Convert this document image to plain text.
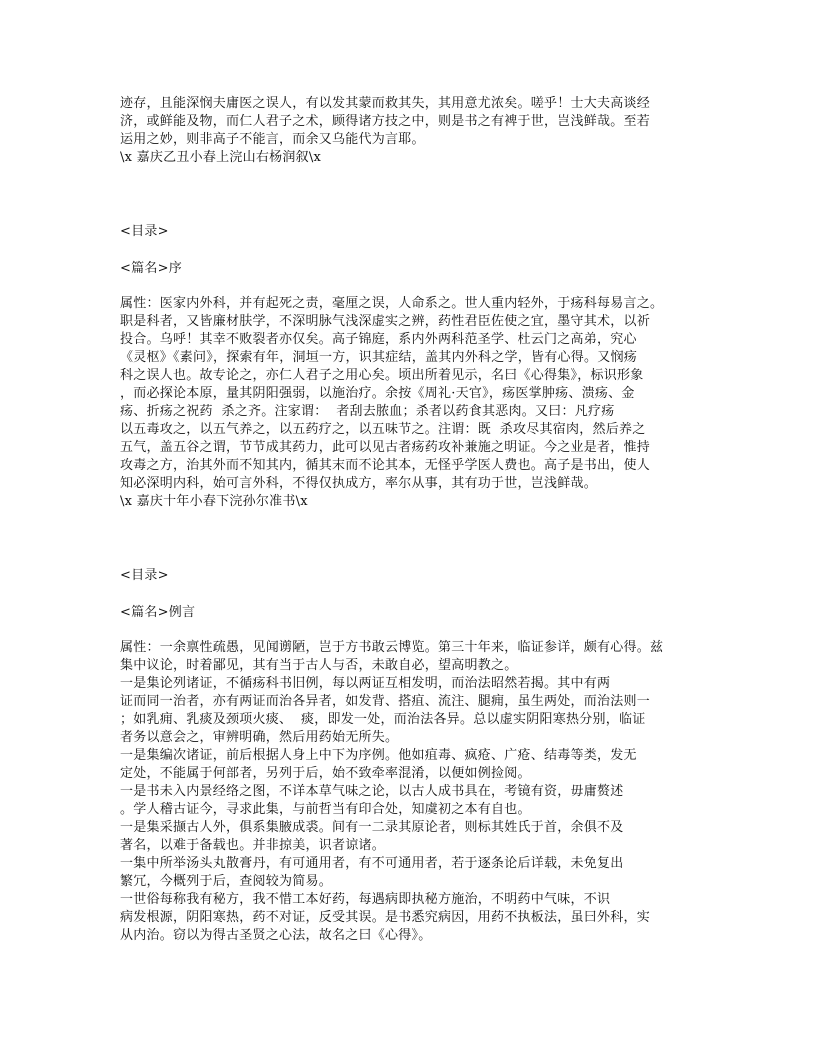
迹存，且能深悯夫庸医之误人，有以发其蒙而救其失，其用意尤浓矣。嗟乎！士大夫高谈经
济，或鲜能及物，而仁人君子之术，顾得诸方技之中，则是书之有裨于世，岂浅鲜哉。至若
运用之妙，则非高子不能言，而余又乌能代为言耶。
\x 嘉庆乙丑小春上浣山右杨润叙\x
<目录>
<篇名>序
属性：医家内外科，并有起死之责，毫厘之误，人命系之。世人重内轻外，于疡科每易言之。
职是科者，又皆廉材肤学，不深明脉气浅深虚实之辨，药性君臣佐使之宜，墨守其术，以祈
投合。乌呼！其幸不败裂者亦仅矣。高子锦庭，系内外两科范圣学、杜云门之高弟，究心
《灵枢》《素问》，探索有年，洞垣一方，识其症结，盖其内外科之学，皆有心得。又悯疡
科之误人也。故专论之，亦仁人君子之用心矣。顷出所着见示，名曰《心得集》，标识形象
，而必探论本原，量其阴阳强弱，以施治疗。余按《周礼·天官》，疡医掌肿疡、溃疡、金
疡、折疡之祝药  杀之齐。注家谓：  者刮去脓血；杀者以药食其恶肉。又曰：凡疗疡
以五毒攻之，以五气养之，以五药疗之，以五味节之。注谓：既  杀攻尽其宿肉，然后养之
五气，盖五谷之谓，节节成其药力，此可以见古者疡药攻补兼施之明证。今之业是者，惟持
攻毒之方，治其外而不知其内，循其末而不论其本，无怪乎学医人费也。高子是书出，使人
知必深明内科，始可言外科，不得仅执成方，率尔从事，其有功于世，岂浅鲜哉。
\x 嘉庆十年小春下浣孙尔准书\x
<目录>
<篇名>例言
属性：一余禀性疏愚，见闻谫陋，岂于方书敢云博览。第三十年来，临证参详，颇有心得。兹
集中议论，时着鄙见，其有当于古人与否，未敢自必，望高明教之。
一是集论列诸证，不循疡科书旧例，每以两证互相发明，而治法昭然若揭。其中有两
证而同一治者，亦有两证而治各异者，如发背、搭疽、流注、腿痈，虽生两处，而治法则一
；如乳痈、乳痰及颈项火痰、  痰，即发一处，而治法各异。总以虚实阴阳寒热分别，临证
者务以意会之，审辨明确，然后用药始无所失。
一是集编次诸证，前后根据人身上中下为序例。他如疽毒、疯疮、广疮、结毒等类，发无
定处，不能属于何部者，另列于后，始不致牵率混淆，以便如例捡阅。
一是书未入内景经络之图，不详本草气味之论，以古人成书具在，考镜有资，毋庸赘述
。学人稽古证今，寻求此集，与前哲当有印合处，知虞初之本有自也。
一是集采撷古人外，俱系集腋成裘。间有一二录其原论者，则标其姓氏于首，余俱不及
著名，以难于备载也。并非掠美，识者谅诸。
一集中所举汤头丸散膏丹，有可通用者，有不可通用者，若于逐条论后详载，未免复出
繁冗，今概列于后，查阅较为简易。
一世俗每称我有秘方，我不惜工本好药，每遇病即执秘方施治，不明药中气味，不识
病发根源，阴阳寒热，药不对证，反受其误。是书悉究病因，用药不执板法，虽曰外科，实
从内治。窃以为得古圣贤之心法，故名之曰《心得》。
